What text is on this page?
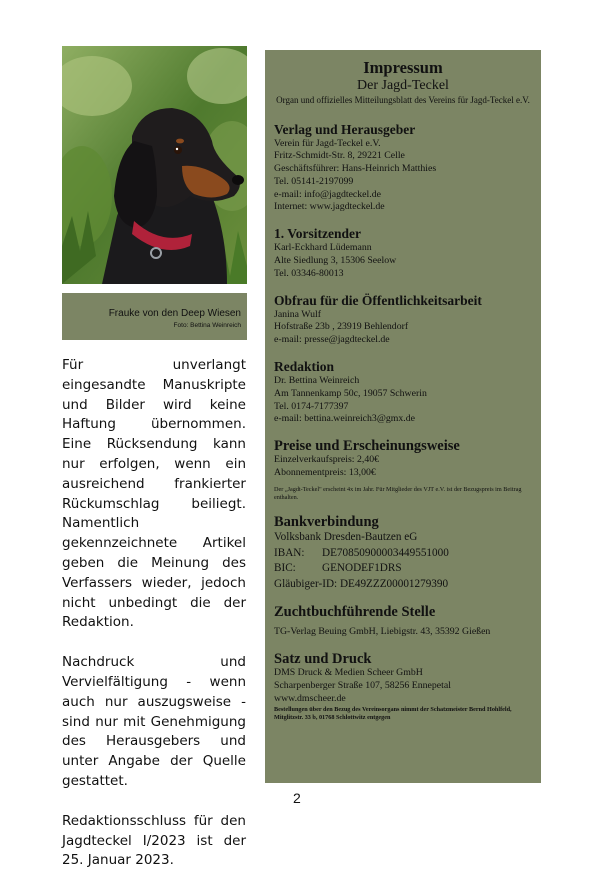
Frauke von den Deep Wiesen
Foto: Bettina Weinreich

Für unverlangt eingesandte Manuskripte und Bilder wird keine Haftung übernommen. Eine Rücksendung kann nur erfolgen, wenn ein ausreichend frankierter Rückumschlag beiliegt. Namentlich gekennzeichnete Artikel geben die Meinung des Verfassers wieder, jedoch nicht unbedingt die der Redaktion.

Nachdruck und Vervielfältigung - wenn auch nur auszugsweise - sind nur mit Genehmigung des Herausgebers und unter Angabe der Quelle gestattet.

Redaktionsschluss für den Jagdteckel I/2023 ist der 25. Januar 2023.

Impressum
Der Jagd-Teckel
Organ und offizielles Mitteilungsblatt des Vereins für Jagd-Teckel e.V.
Verlag und Herausgeber
Verein für Jagd-Teckel e.V.
Fritz-Schmidt-Str. 8, 29221 Celle
Geschäftsführer: Hans-Heinrich Matthies
Tel. 05141-2197099
e-mail: info@jagdteckel.de
Internet: www.jagdteckel.de
1. Vorsitzender
Karl-Eckhard Lüdemann
Alte Siedlung 3, 15306 Seelow
Tel. 03346-80013
Obfrau für die Öffentlichkeitsarbeit
Janina Wulf
Hofstraße 23b , 23919 Behlendorf
e-mail: presse@jagdteckel.de
Redaktion
Dr. Bettina Weinreich
Am Tannenkamp 50c, 19057 Schwerin
Tel. 0174-7177397
e-mail: bettina.weinreich3@gmx.de
Preise und Erscheinungsweise
Einzelverkaufspreis: 2,40€
Abonnementpreis: 13,00€
Der „Jagdt-Teckel" erscheint 4x im Jahr. Für Mitglieder des VJT e.V. ist der Bezugspreis im Beitrag enthalten.
Bankverbindung
Volksbank Dresden-Bautzen eG
IBAN: DE70850900003449551000
BIC: GENODEF1DRS
Gläubiger-ID: DE49ZZZ00001279390
Zuchtbuchführende Stelle
TG-Verlag Beuing GmbH, Liebigstr. 43, 35392 Gießen
Satz und Druck
DMS Druck & Medien Scheer GmbH
Scharpenberger Straße 107, 58256 Ennepetal
www.dmscheer.de
Bestellungen über den Bezug des Vereinsorgans nimmt der Schatzmeister Bernd Hohlfeld, Mitglitzstr. 33 b, 01768 Schlottwitz entgegen
2
